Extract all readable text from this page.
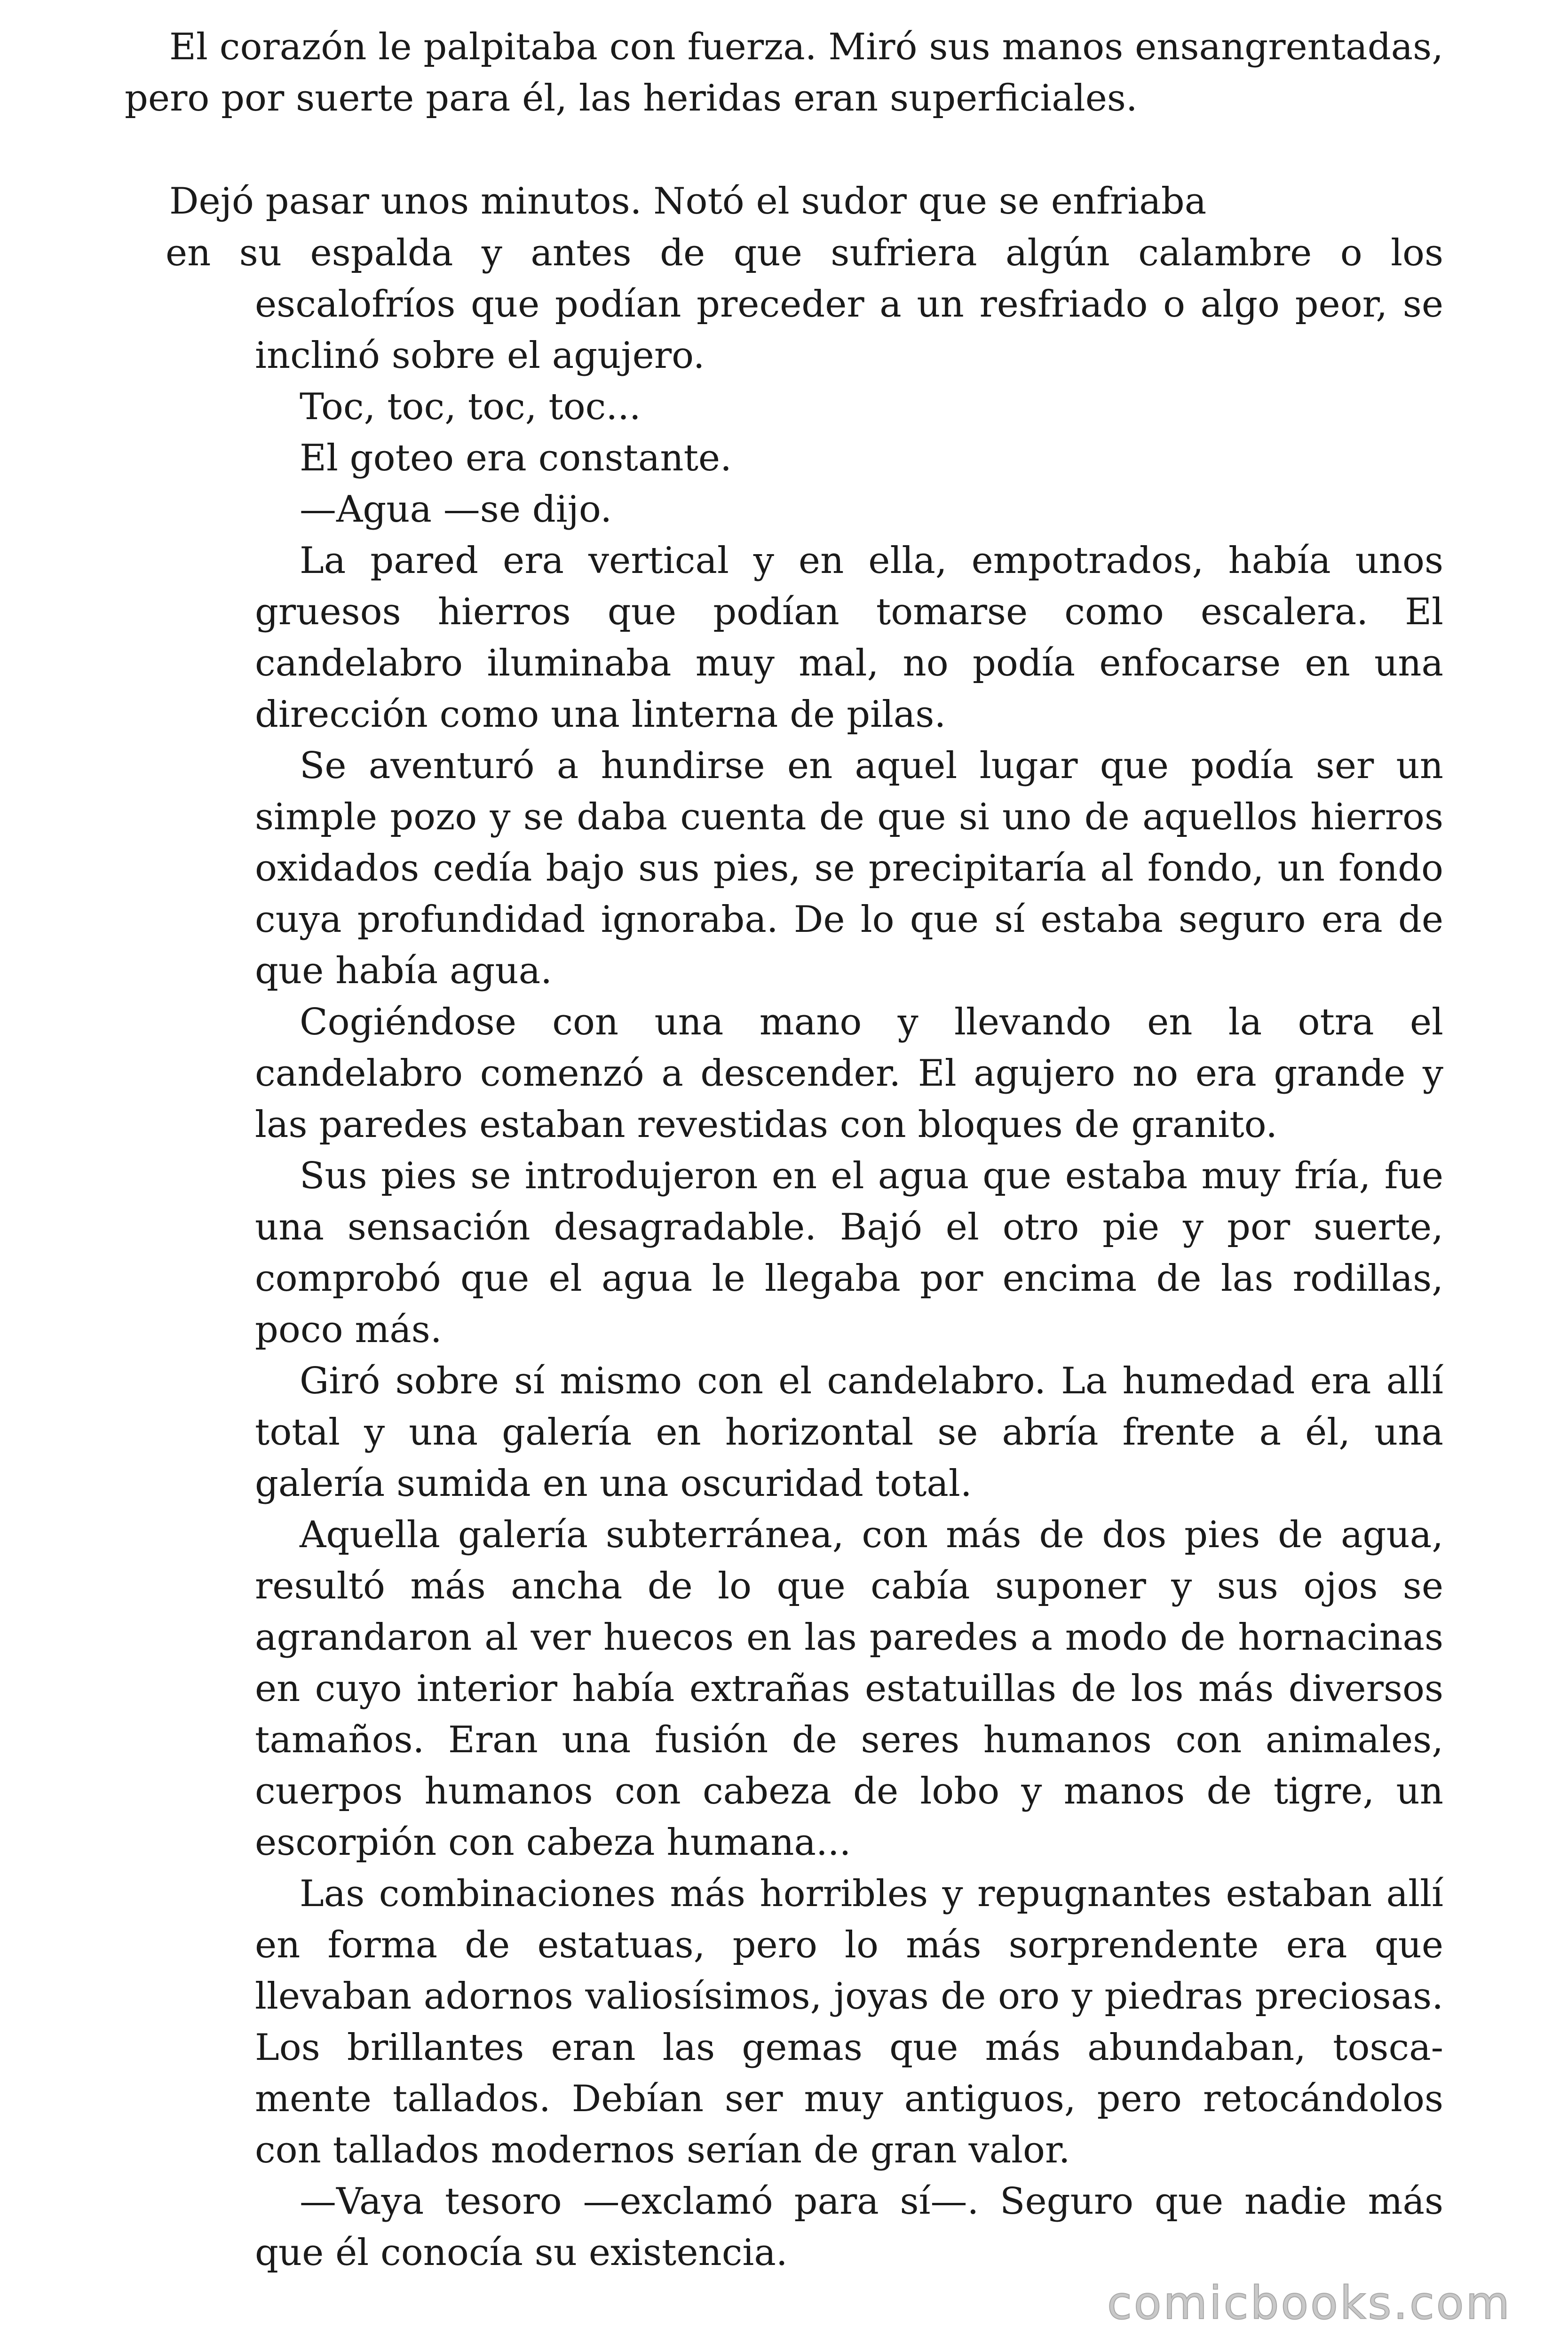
El corazón le palpitaba con fuerza. Miró sus manos ensangrentadas, pero por suerte para él, las heridas eran superficiales.

Dejó pasar unos minutos. Notó el sudor que se enfriaba

en su espalda y antes de que sufriera algún calambre o los escalofríos que podían preceder a un resfriado o algo peor, se inclinó sobre el agujero.

Toc, toc, toc, toc...

El goteo era constante.

—Agua —se dijo.

La pared era vertical y en ella, empotrados, había unos gruesos hierros que podían tomarse como escalera. El candelabro iluminaba muy mal, no podía enfocarse en una dirección como una linterna de pilas.

Se aventuró a hundirse en aquel lugar que podía ser un simple pozo y se daba cuenta de que si uno de aquellos hierros oxidados cedía bajo sus pies, se precipitaría al fondo, un fondo cuya profundidad ignoraba. De lo que sí estaba seguro era de que había agua.

Cogiéndose con una mano y llevando en la otra el candelabro comenzó a descender. El agujero no era grande y las paredes estaban revestidas con bloques de granito.

Sus pies se introdujeron en el agua que estaba muy fría, fue una sensación desagradable. Bajó el otro pie y por suerte, comprobó que el agua le llegaba por encima de las rodillas, poco más.

Giró sobre sí mismo con el candelabro. La humedad era allí total y una galería en horizontal se abría frente a él, una galería sumida en una oscuridad total.

Aquella galería subterránea, con más de dos pies de agua, resultó más ancha de lo que cabía suponer y sus ojos se agrandaron al ver huecos en las paredes a modo de hornacinas en cuyo interior había extrañas estatuillas de los más diversos tamaños. Eran una fusión de seres humanos con animales, cuerpos humanos con cabeza de lobo y manos de tigre, un escorpión con cabeza humana...

Las combinaciones más horribles y repugnantes estaban allí en forma de estatuas, pero lo más sorprendente era que llevaban adornos valiosísimos, joyas de oro y piedras preciosas. Los brillantes eran las gemas que más abundaban, tosca- mente tallados. Debían ser muy antiguos, pero retocándolos con tallados modernos serían de gran valor.

—Vaya tesoro —exclamó para sí—. Seguro que nadie más que él conocía su existencia.

comicbooks.com
